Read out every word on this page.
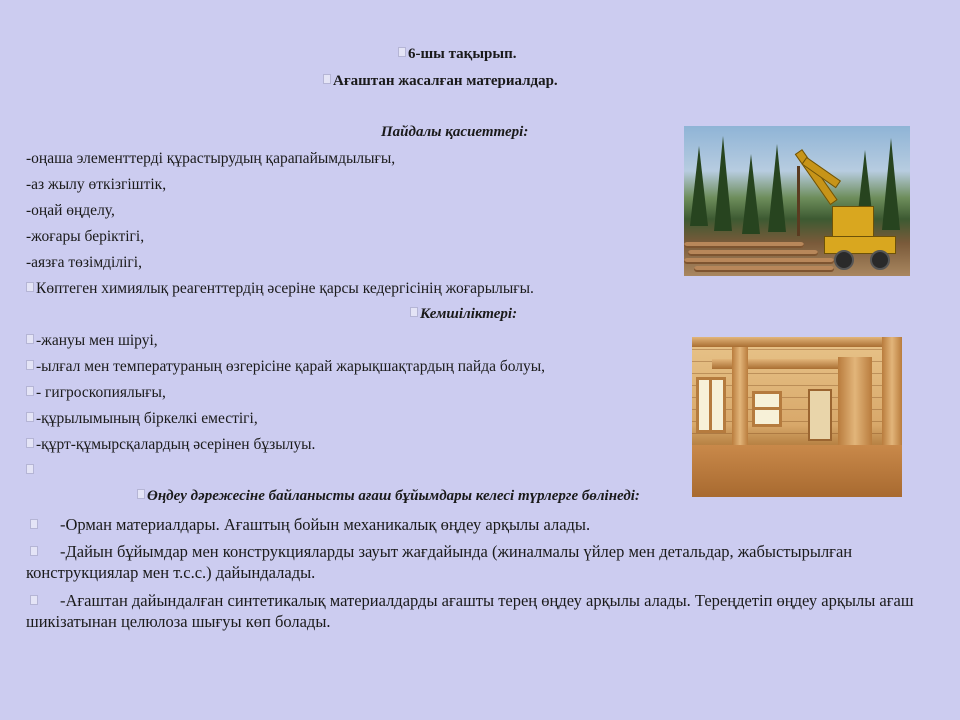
6-шы тақырып.
Ағаштан жасалған материалдар.
Пайдалы қасиеттері:
-оңаша элементтерді құрастырудың қарапайымдылығы,
-аз жылу өткізгіштік,
-оңай өңделу,
-жоғары беріктігі,
-аязға төзімділігі,
Көптеген химиялық реагенттердің әсеріне қарсы кедергісінің жоғарылығы.
Кемшіліктері:
-жануы мен шіруі,
-ылғал мен температураның өзгерісіне қарай жарықшақтардың пайда болуы,
- гигроскопиялығы,
-құрылымының біркелкі еместігі,
-құрт-құмырсқалардың әсерінен бұзылуы.
Өңдеу дәрежесіне байланысты ағаш бұйымдары келесі түрлерге бөлінеді:
-Орман материалдары. Ағаштың бойын механикалық өңдеу арқылы алады.
-Дайын бұйымдар мен конструкцияларды зауыт жағдайында (жиналмалы үйлер мен детальдар, жабыстырылған конструкциялар мен т.с.с.) дайындалады.
-Ағаштан дайындалған синтетикалық материалдарды ағашты терең өңдеу арқылы алады. Тереңдетіп өңдеу арқылы ағаш шикізатынан целюлоза шығуы көп болады.
